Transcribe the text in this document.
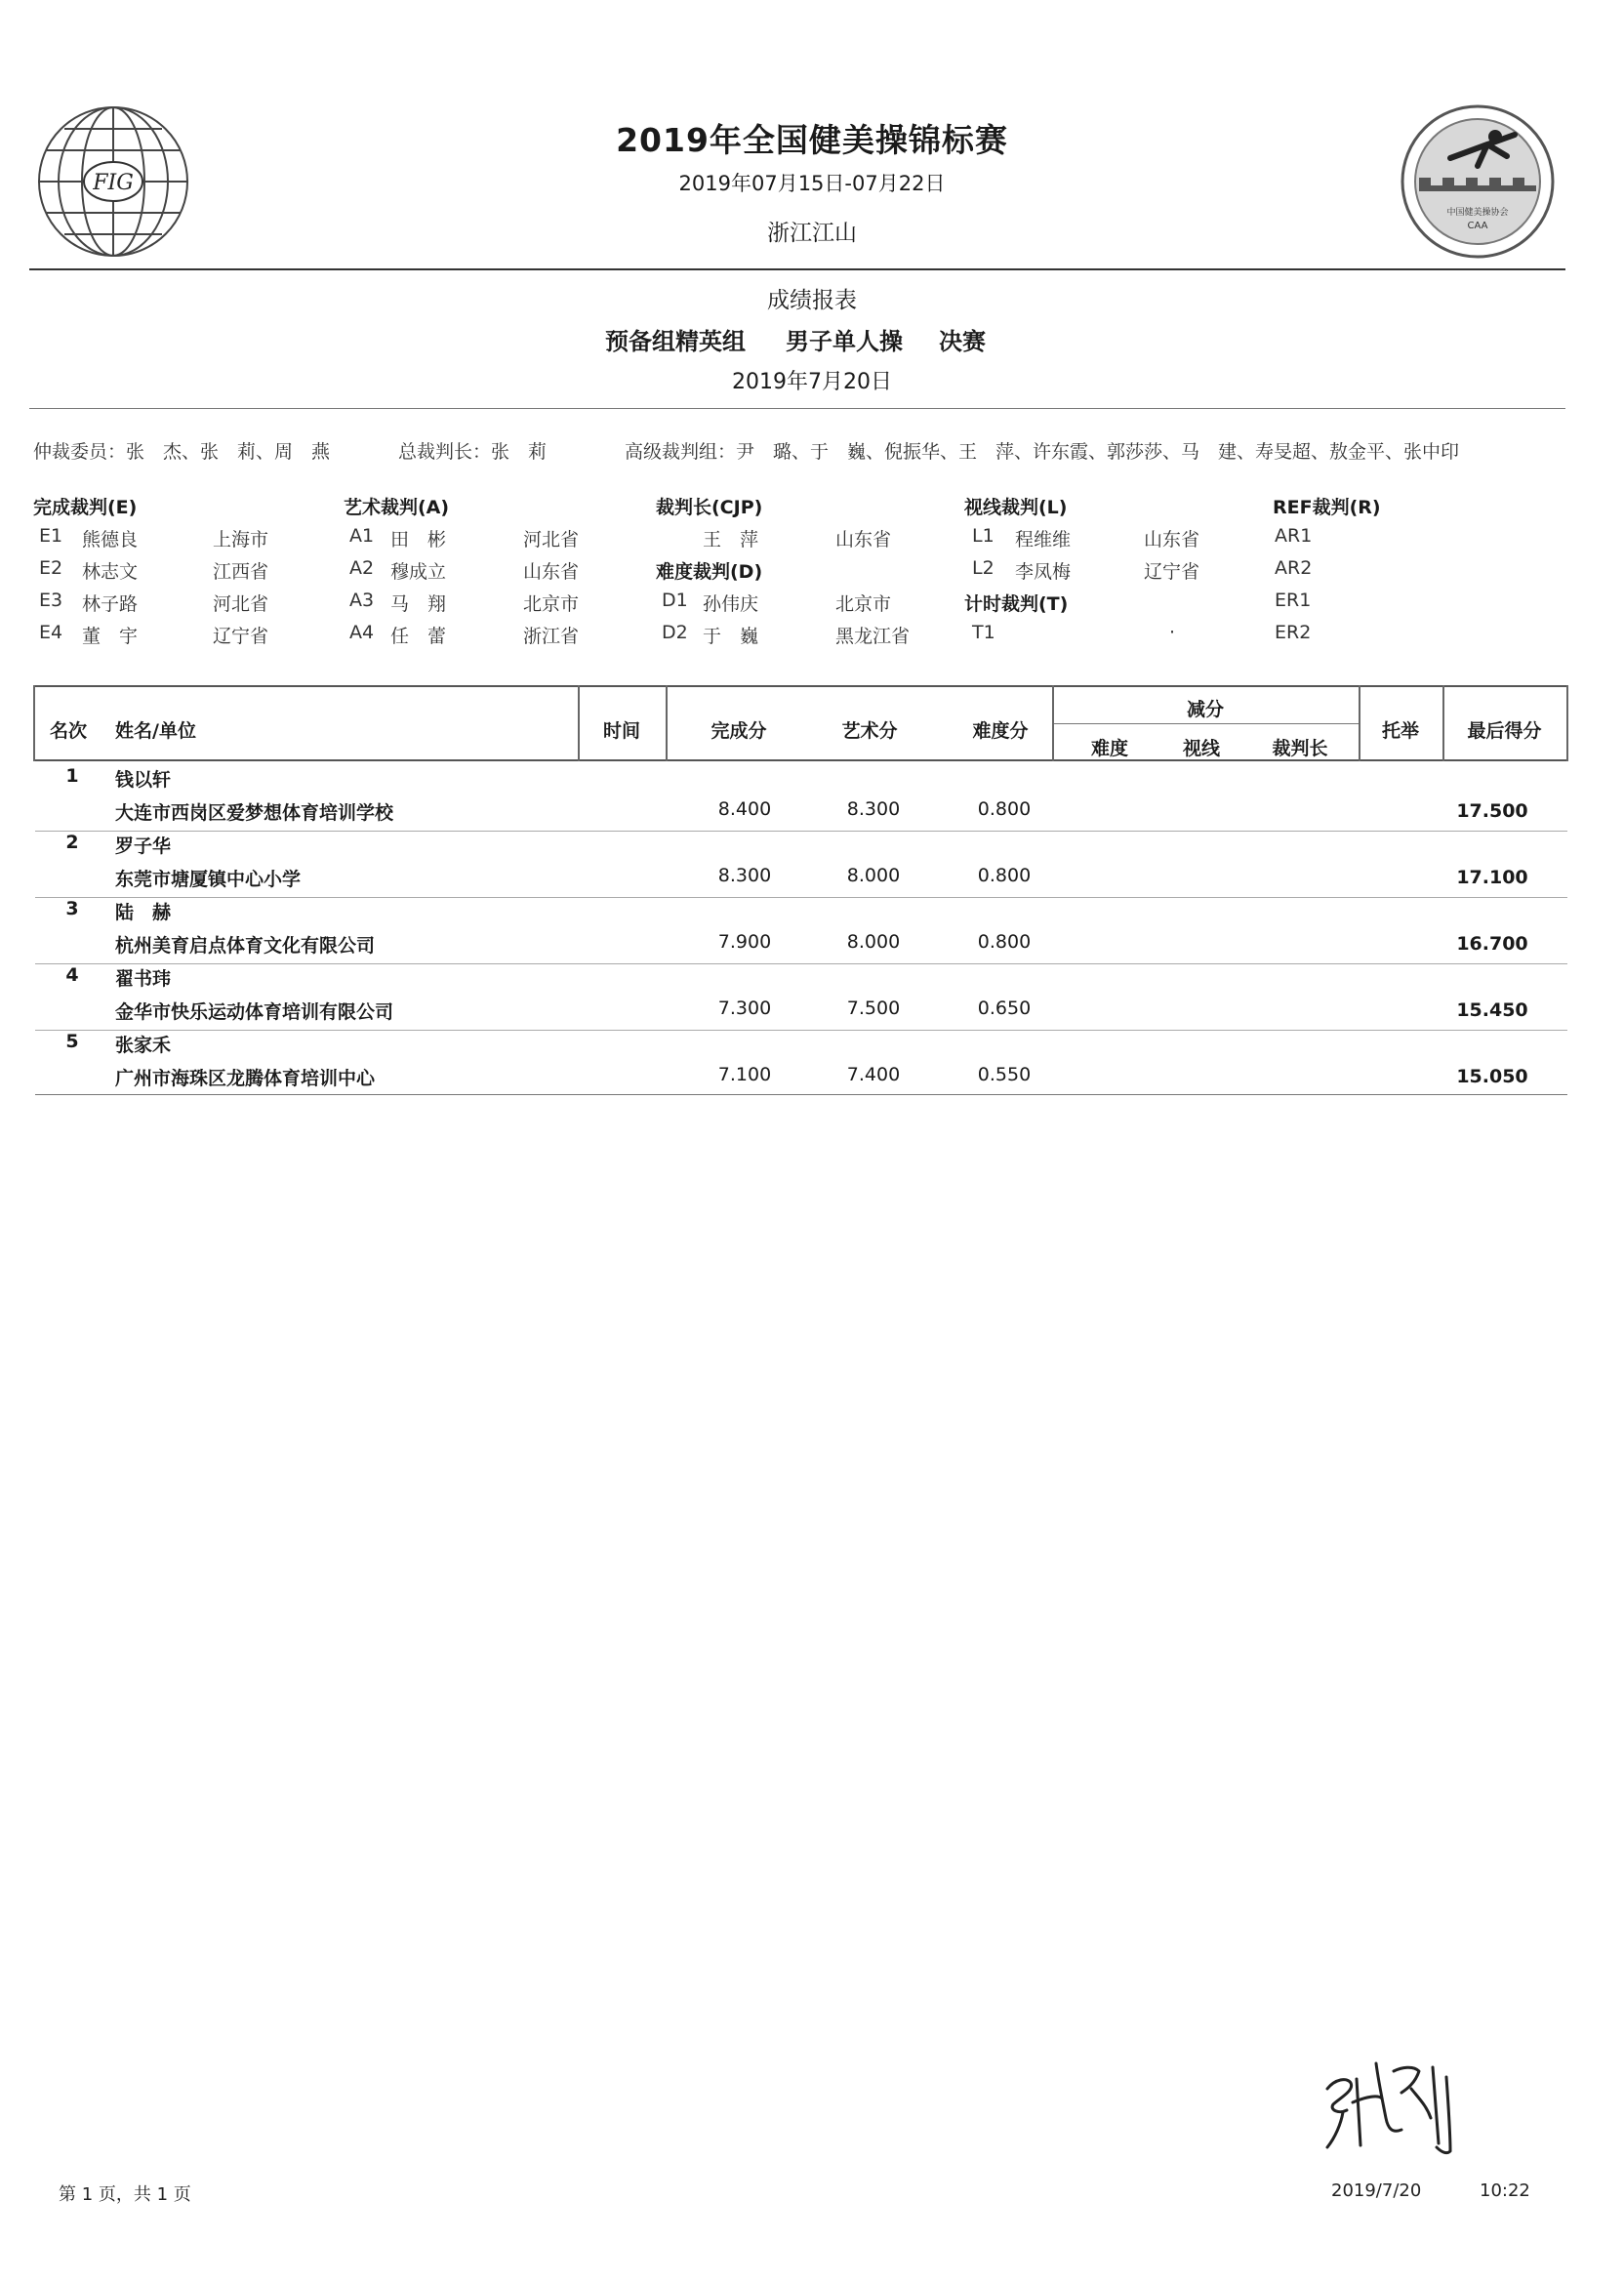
FIG
中国健美操协会
CAA
2019年全国健美操锦标赛
2019年07月15日-07月22日
浙江江山
成绩报表
预备组精英组 男子单人操 决赛
2019年7月20日
仲裁委员：张　杰、张　莉、周　燕	总裁判长：张　莉	高级裁判组：尹　璐、于　巍、倪振华、王　萍、许东霞、郭莎莎、马　建、寿旻超、敖金平、张中印
完成裁判(E)
E1 熊德良	上海市
E2 林志文	江西省
E3 林子路	河北省
E4 董　宇	辽宁省
艺术裁判(A)
A1 田　彬	河北省
A2 穆成立	山东省
A3 马　翔	北京市
A4 任　蕾	浙江省
裁判长(CJP)
王　萍	山东省
难度裁判(D)
D1 孙伟庆	北京市
D2 于　巍	黑龙江省
视线裁判(L)
L1 程维维	山东省
L2 李凤梅	辽宁省
计时裁判(T)
T1	·
REF裁判(R)
AR1
AR2
ER1
ER2
名次	姓名/单位	时间	完成分	艺术分	难度分
减分
难度	视线	裁判长
托举	最后得分
1	钱以轩
大连市西岗区爱梦想体育培训学校	8.400	8.300	0.800	17.500
2	罗子华
东莞市塘厦镇中心小学	8.300	8.000	0.800	17.100
3	陆　赫
杭州美育启点体育文化有限公司	7.900	8.000	0.800	16.700
4	翟书玮
金华市快乐运动体育培训有限公司	7.300	7.500	0.650	15.450
5	张家禾
广州市海珠区龙腾体育培训中心	7.100	7.400	0.550	15.050
第 1 页，共 1 页	2019/7/20	10:22
